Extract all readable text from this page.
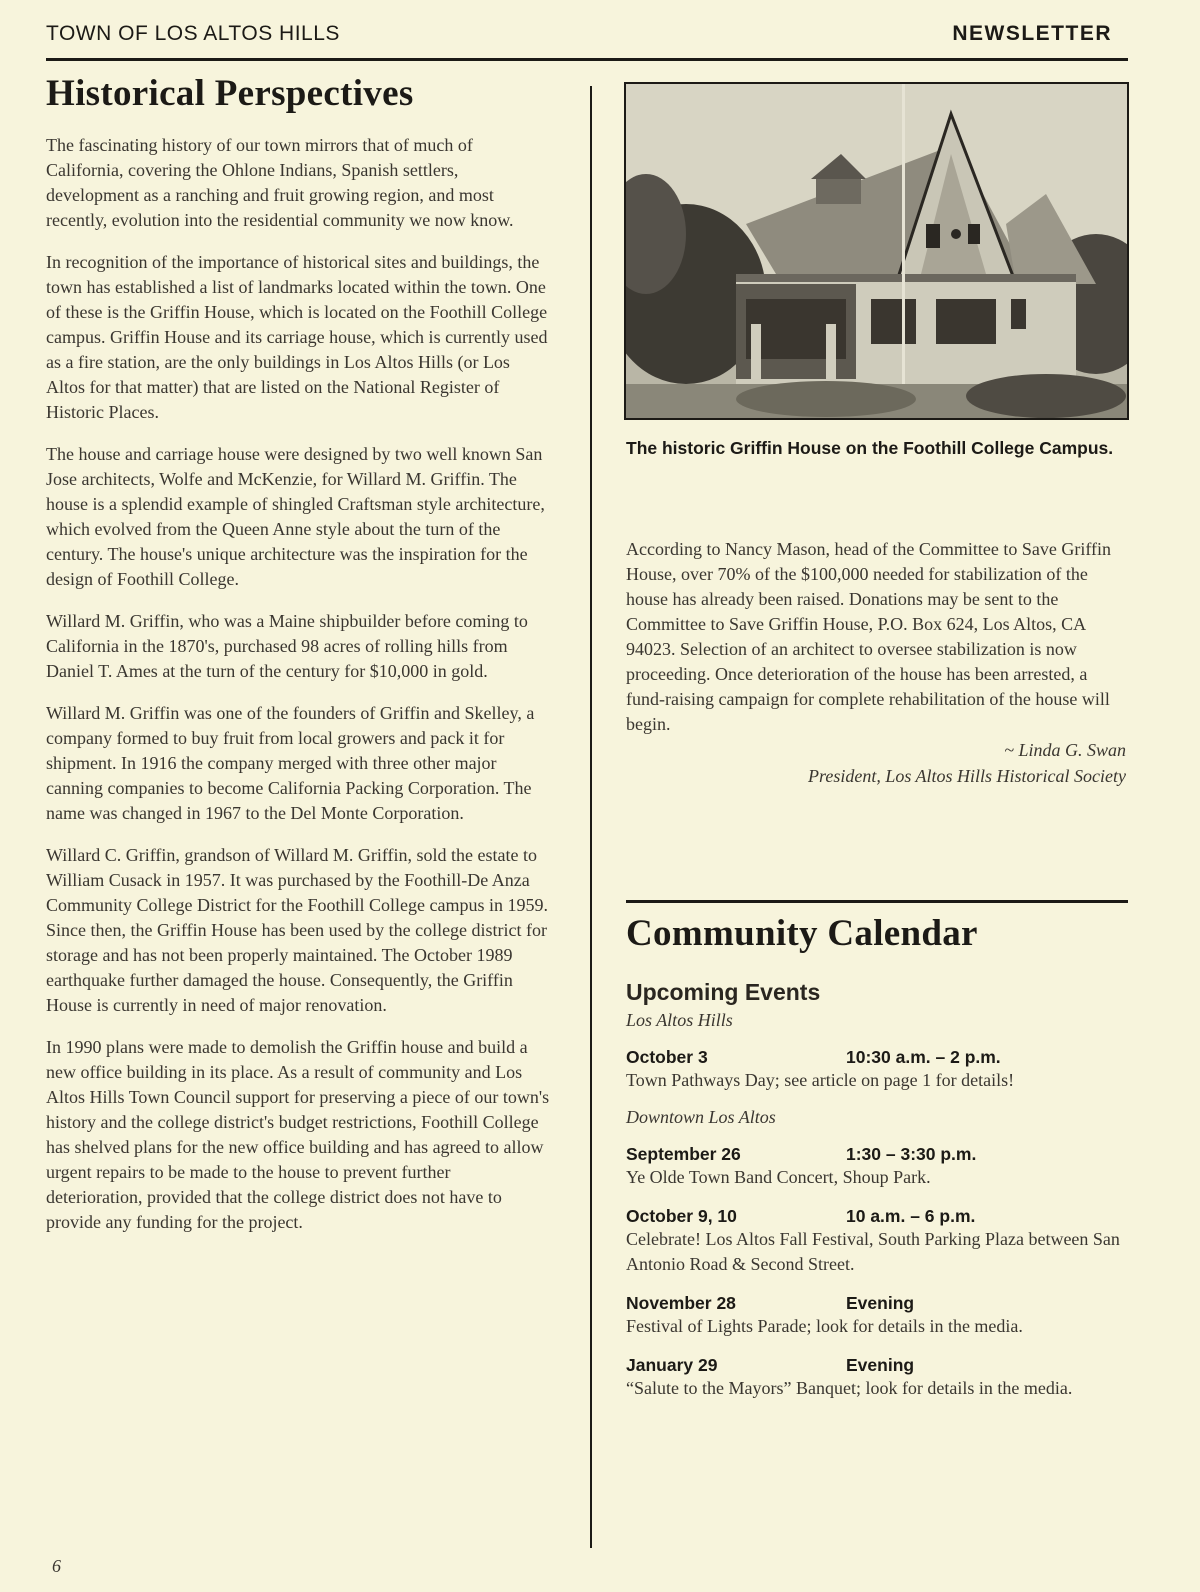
TOWN OF LOS ALTOS HILLS	NEWSLETTER
Historical Perspectives

The fascinating history of our town mirrors that of much of California, covering the Ohlone Indians, Spanish settlers, development as a ranching and fruit growing region, and most recently, evolution into the residential community we now know.

In recognition of the importance of historical sites and buildings, the town has established a list of landmarks located within the town. One of these is the Griffin House, which is located on the Foothill College campus. Griffin House and its carriage house, which is currently used as a fire station, are the only buildings in Los Altos Hills (or Los Altos for that matter) that are listed on the National Register of Historic Places.

The house and carriage house were designed by two well known San Jose architects, Wolfe and McKenzie, for Willard M. Griffin. The house is a splendid example of shingled Craftsman style architecture, which evolved from the Queen Anne style about the turn of the century. The house's unique architecture was the inspiration for the design of Foothill College.

Willard M. Griffin, who was a Maine shipbuilder before coming to California in the 1870's, purchased 98 acres of rolling hills from Daniel T. Ames at the turn of the century for $10,000 in gold.

Willard M. Griffin was one of the founders of Griffin and Skelley, a company formed to buy fruit from local growers and pack it for shipment. In 1916 the company merged with three other major canning companies to become California Packing Corporation. The name was changed in 1967 to the Del Monte Corporation.

Willard C. Griffin, grandson of Willard M. Griffin, sold the estate to William Cusack in 1957. It was purchased by the Foothill-De Anza Community College District for the Foothill College campus in 1959. Since then, the Griffin House has been used by the college district for storage and has not been properly maintained. The October 1989 earthquake further damaged the house. Consequently, the Griffin House is currently in need of major renovation.

In 1990 plans were made to demolish the Griffin house and build a new office building in its place. As a result of community and Los Altos Hills Town Council support for preserving a piece of our town's history and the college district's budget restrictions, Foothill College has shelved plans for the new office building and has agreed to allow urgent repairs to be made to the house to prevent further deterioration, provided that the college district does not have to provide any funding for the project.

The historic Griffin House on the Foothill College Campus.

According to Nancy Mason, head of the Committee to Save Griffin House, over 70% of the $100,000 needed for stabilization of the house has already been raised. Donations may be sent to the Committee to Save Griffin House, P.O. Box 624, Los Altos, CA 94023. Selection of an architect to oversee stabilization is now proceeding. Once deterioration of the house has been arrested, a fund-raising campaign for complete rehabilitation of the house will begin.

~ Linda G. Swan
President, Los Altos Hills Historical Society
Community Calendar
Upcoming Events
Los Altos Hills
October 3	10:30 a.m. – 2 p.m.
Town Pathways Day; see article on page 1 for details!
Downtown Los Altos
September 26	1:30 – 3:30 p.m.
Ye Olde Town Band Concert, Shoup Park.
October 9, 10	10 a.m. – 6 p.m.
Celebrate! Los Altos Fall Festival, South Parking Plaza between San Antonio Road & Second Street.
November 28	Evening
Festival of Lights Parade; look for details in the media.
January 29	Evening
“Salute to the Mayors” Banquet; look for details in the media.
6
